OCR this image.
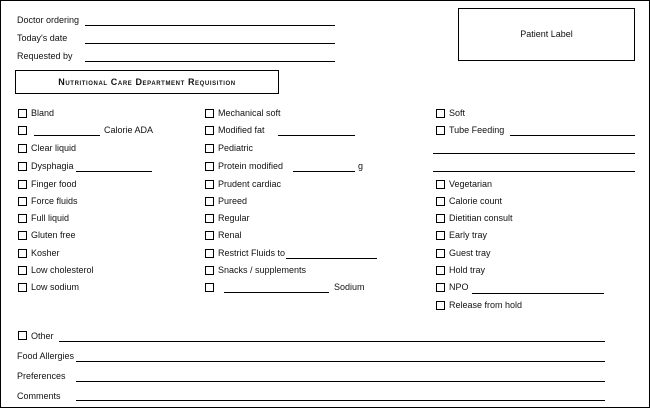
Doctor ordering
Today's date
Requested by
Patient Label
Nutritional Care Department Requisition
Bland
Calorie ADA
Clear liquid
Dysphagia
Finger food
Force fluids
Full liquid
Gluten free
Kosher
Low cholesterol
Low sodium
Mechanical soft
Modified fat
Pediatric
Protein modified	g
Prudent cardiac
Pureed
Regular
Renal
Restrict Fluids to
Snacks / supplements
Sodium
Soft
Tube Feeding
Vegetarian
Calorie count
Dietitian consult
Early tray
Guest tray
Hold tray
NPO
Release from hold
Other
Food Allergies
Preferences
Comments
